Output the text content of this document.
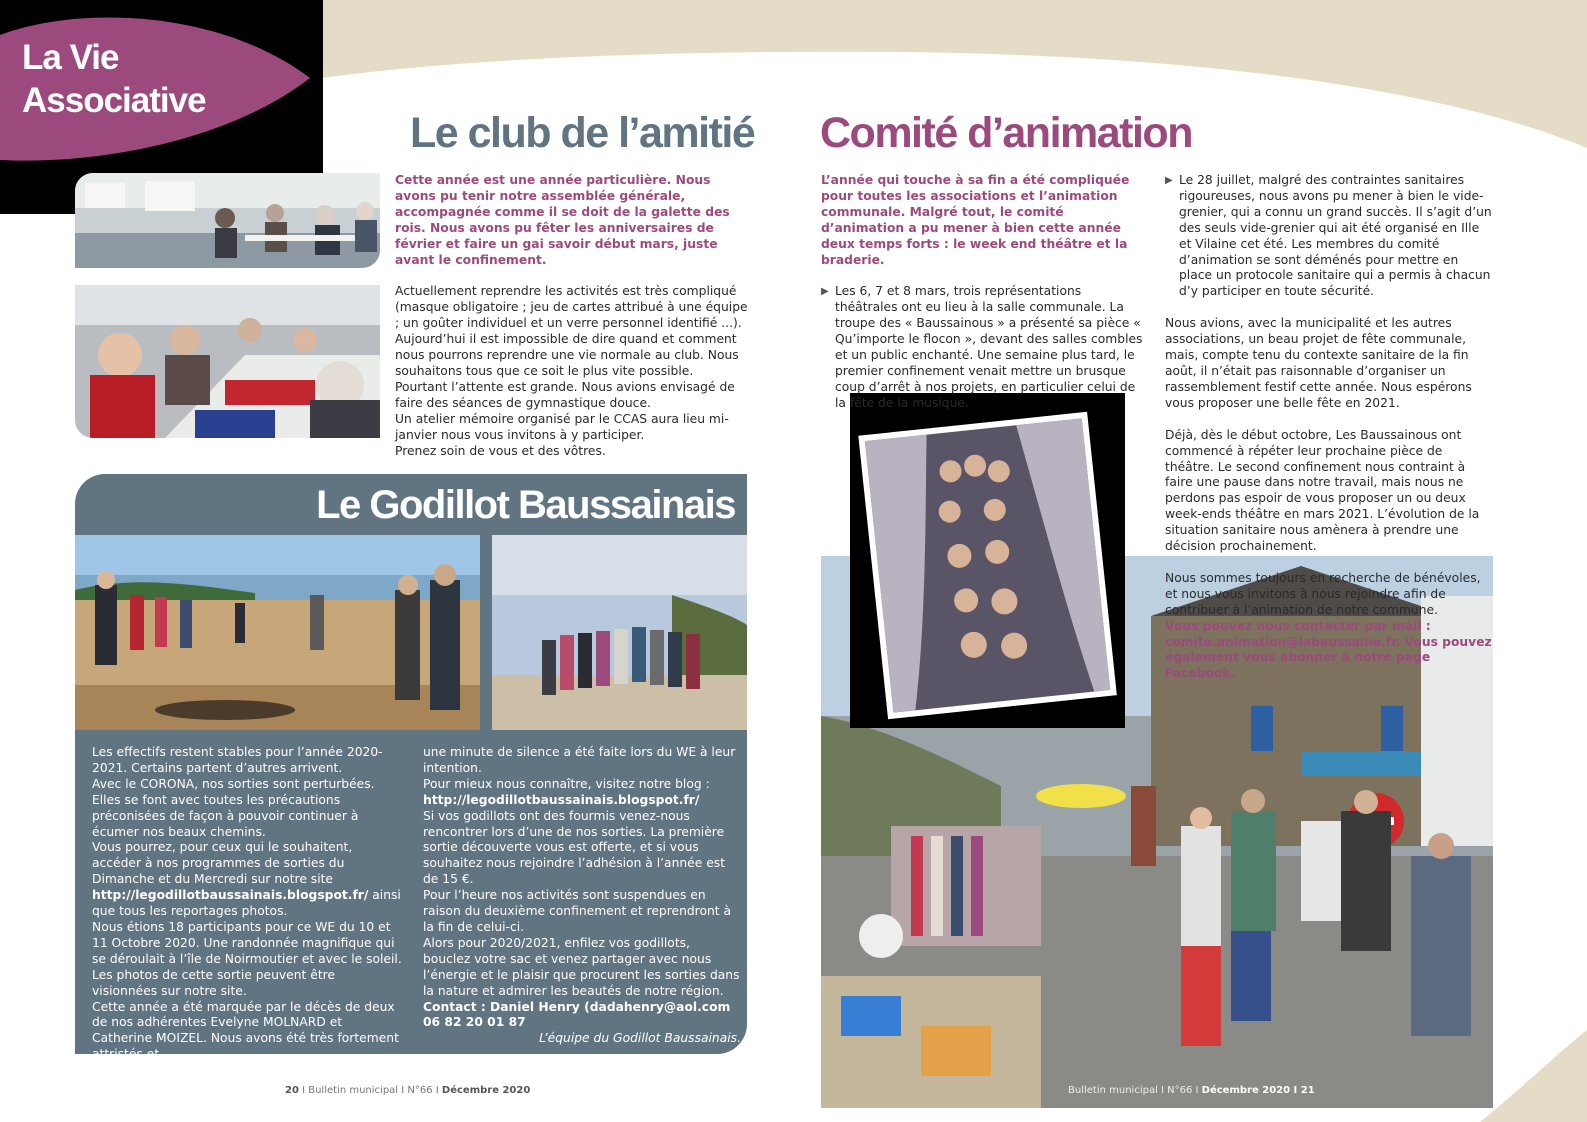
La Vie
Associative
Le club de l’amitié

Cette année est une année particulière. Nous avons pu tenir notre assemblée générale, accompagnée comme il se doit de la galette des rois. Nous avons pu fêter les anniversaires de février et faire un gai savoir début mars, juste avant le confinement.

Actuellement reprendre les activités est très compliqué (masque obligatoire ; jeu de cartes attribué à une équipe ; un goûter individuel et un verre personnel identifié ...). Aujourd’hui il est impossible de dire quand et comment nous pourrons reprendre une vie normale au club. Nous souhaitons tous que ce soit le plus vite possible.

Pourtant l’attente est grande. Nous avions envisagé de faire des séances de gymnastique douce.

Un atelier mémoire organisé par le CCAS aura lieu mi-janvier nous vous invitons à y participer.

Prenez soin de vous et des vôtres.

Le Godillot Baussainais

Les effectifs restent stables pour l’année 2020-2021. Certains partent d’autres arrivent.

Avec le CORONA, nos sorties sont perturbées. Elles se font avec toutes les précautions préconisées de façon à pouvoir continuer à écumer nos beaux chemins.

Vous pourrez, pour ceux qui le souhaitent, accéder à nos programmes de sorties du Dimanche et du Mercredi sur notre site http://legodillotbaussainais.blogspot.fr/ ainsi que tous les reportages photos.

Nous étions 18 participants pour ce WE du 10 et 11 Octobre 2020. Une randonnée magnifique qui se déroulait à l’île de Noirmoutier et avec le soleil. Les photos de cette sortie peuvent être visionnées sur notre site.

Cette année a été marquée par le décès de deux de nos adhérentes Evelyne MOLNARD et Catherine MOIZEL. Nous avons été très fortement attristés et

une minute de silence a été faite lors du WE à leur intention.

Pour mieux nous connaître, visitez notre blog :

http://legodillotbaussainais.blogspot.fr/

Si vos godillots ont des fourmis venez-nous rencontrer lors d’une de nos sorties. La première sortie découverte vous est offerte, et si vous souhaitez nous rejoindre l’adhésion à l’année est de 15 €.

Pour l’heure nos activités sont suspendues en raison du deuxième confinement et reprendront à la fin de celui-ci.

Alors pour 2020/2021, enfilez vos godillots, bouclez votre sac et venez partager avec nous l’énergie et le plaisir que procurent les sorties dans la nature et admirer les beautés de notre région.

Contact : Daniel Henry (dadahenry@aol.com

06 82 20 01 87

L’équipe du Godillot Baussainais.

Comité d’animation

L’année qui touche à sa fin a été compliquée pour toutes les associations et l’animation communale. Malgré tout, le comité d’animation a pu mener à bien cette année deux temps forts : le week end théâtre et la braderie.

▶ Les 6, 7 et 8 mars, trois représentations théâtrales ont eu lieu à la salle communale. La troupe des « Baussainous » a présenté sa pièce « Qu’importe le flocon », devant des salles combles et un public enchanté. Une semaine plus tard, le premier confinement venait mettre un brusque coup d’arrêt à nos projets, en particulier celui de la fête de la musique.

▶ Le 28 juillet, malgré des contraintes sanitaires rigoureuses, nous avons pu mener à bien le vide-grenier, qui a connu un grand succès. Il s’agit d’un des seuls vide-grenier qui ait été organisé en Ille et Vilaine cet été. Les membres du comité d’animation se sont déménés pour mettre en place un protocole sanitaire qui a permis à chacun d’y participer en toute sécurité.

Nous avions, avec la municipalité et les autres associations, un beau projet de fête communale, mais, compte tenu du contexte sanitaire de la fin août, il n’était pas raisonnable d’organiser un rassemblement festif cette année. Nous espérons vous proposer une belle fête en 2021.

Déjà, dès le début octobre, Les Baussainous ont commencé à répéter leur prochaine pièce de théâtre. Le second confinement nous contraint à faire une pause dans notre travail, mais nous ne perdons pas espoir de vous proposer un ou deux week-ends théâtre en mars 2021. L’évolution de la situation sanitaire nous amènera à prendre une décision prochainement.

Nous sommes toujours en recherche de bénévoles, et nous vous invitons à nous rejoindre afin de contribuer à l’animation de notre commune.

Vous pouvez nous contacter par mail : comite.animation@labaussaine.fr. Vous pouvez également vous abonner à notre page Facebook.

20 I Bulletin municipal I N°66 I Décembre 2020	Bulletin municipal I N°66 I Décembre 2020 I 21
